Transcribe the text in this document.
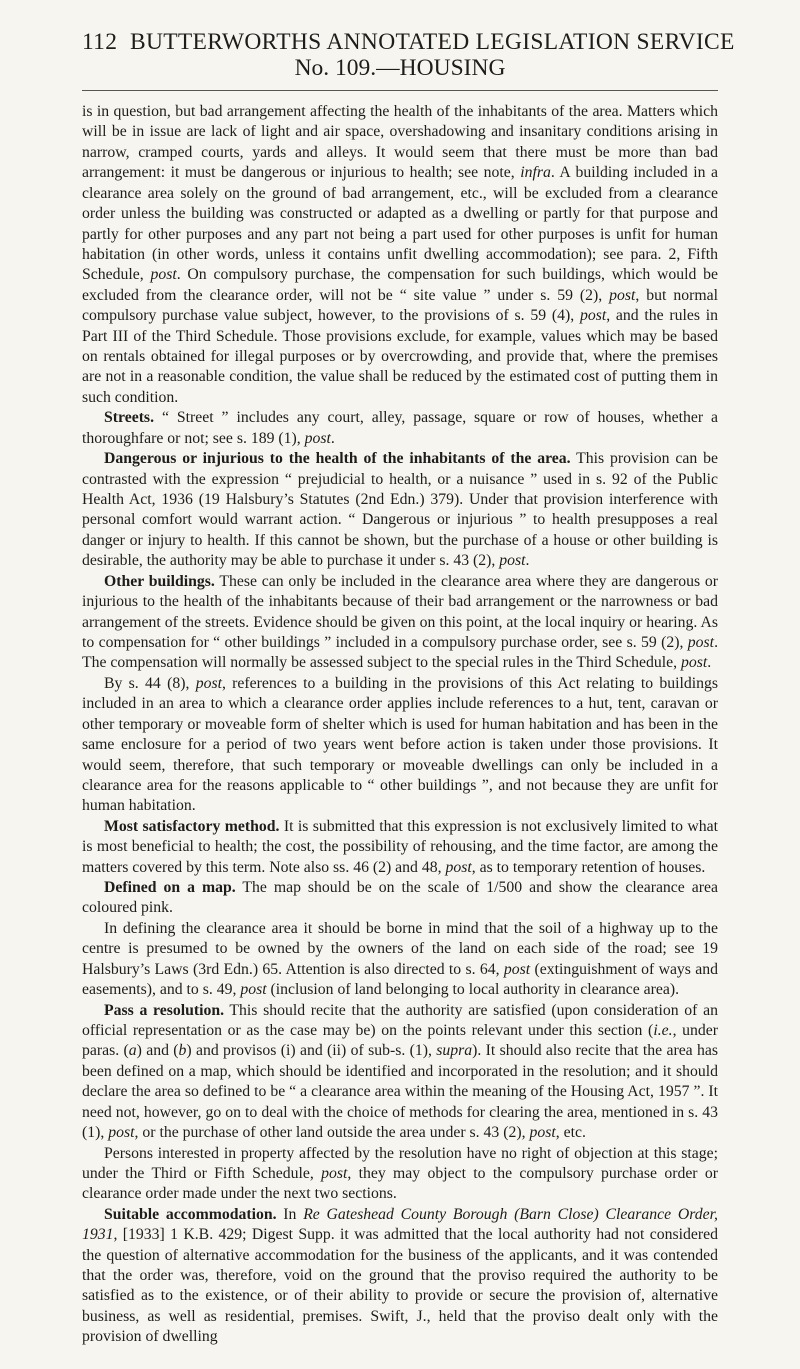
112 BUTTERWORTHS ANNOTATED LEGISLATION SERVICE
No. 109.—HOUSING

is in question, but bad arrangement affecting the health of the inhabitants of the area. Matters which will be in issue are lack of light and air space, overshadowing and insanitary conditions arising in narrow, cramped courts, yards and alleys. It would seem that there must be more than bad arrangement: it must be dangerous or injurious to health; see note, infra. A building included in a clearance area solely on the ground of bad arrangement, etc., will be excluded from a clearance order unless the building was constructed or adapted as a dwelling or partly for that purpose and partly for other purposes and any part not being a part used for other purposes is unfit for human habitation (in other words, unless it contains unfit dwelling accommodation); see para. 2, Fifth Schedule, post. On compulsory purchase, the compensation for such buildings, which would be excluded from the clearance order, will not be “ site value ” under s. 59 (2), post, but normal compulsory purchase value subject, however, to the provisions of s. 59 (4), post, and the rules in Part III of the Third Schedule. Those provisions exclude, for example, values which may be based on rentals obtained for illegal purposes or by overcrowding, and provide that, where the premises are not in a reasonable condition, the value shall be reduced by the estimated cost of putting them in such condition.

Streets. “ Street ” includes any court, alley, passage, square or row of houses, whether a thoroughfare or not; see s. 189 (1), post.

Dangerous or injurious to the health of the inhabitants of the area. This provision can be contrasted with the expression “ prejudicial to health, or a nuisance ” used in s. 92 of the Public Health Act, 1936 (19 Halsbury’s Statutes (2nd Edn.) 379). Under that provision interference with personal comfort would warrant action. “ Dangerous or injurious ” to health presupposes a real danger or injury to health. If this cannot be shown, but the purchase of a house or other building is desirable, the authority may be able to purchase it under s. 43 (2), post.

Other buildings. These can only be included in the clearance area where they are dangerous or injurious to the health of the inhabitants because of their bad arrangement or the narrowness or bad arrangement of the streets. Evidence should be given on this point, at the local inquiry or hearing. As to compensation for “ other buildings ” included in a compulsory purchase order, see s. 59 (2), post. The compensation will normally be assessed subject to the special rules in the Third Schedule, post.

By s. 44 (8), post, references to a building in the provisions of this Act relating to buildings included in an area to which a clearance order applies include references to a hut, tent, caravan or other temporary or moveable form of shelter which is used for human habitation and has been in the same enclosure for a period of two years went before action is taken under those provisions. It would seem, therefore, that such temporary or moveable dwellings can only be included in a clearance area for the reasons applicable to “ other buildings ”, and not because they are unfit for human habitation.

Most satisfactory method. It is submitted that this expression is not exclusively limited to what is most beneficial to health; the cost, the possibility of rehousing, and the time factor, are among the matters covered by this term. Note also ss. 46 (2) and 48, post, as to temporary retention of houses.

Defined on a map. The map should be on the scale of 1/500 and show the clearance area coloured pink.

In defining the clearance area it should be borne in mind that the soil of a highway up to the centre is presumed to be owned by the owners of the land on each side of the road; see 19 Halsbury’s Laws (3rd Edn.) 65. Attention is also directed to s. 64, post (extinguishment of ways and easements), and to s. 49, post (inclusion of land belonging to local authority in clearance area).

Pass a resolution. This should recite that the authority are satisfied (upon consideration of an official representation or as the case may be) on the points relevant under this section (i.e., under paras. (a) and (b) and provisos (i) and (ii) of sub-s. (1), supra). It should also recite that the area has been defined on a map, which should be identified and incorporated in the resolution; and it should declare the area so defined to be “ a clearance area within the meaning of the Housing Act, 1957 ”. It need not, however, go on to deal with the choice of methods for clearing the area, mentioned in s. 43 (1), post, or the purchase of other land outside the area under s. 43 (2), post, etc.

Persons interested in property affected by the resolution have no right of objection at this stage; under the Third or Fifth Schedule, post, they may object to the compulsory purchase order or clearance order made under the next two sections.

Suitable accommodation. In Re Gateshead County Borough (Barn Close) Clearance Order, 1931, [1933] 1 K.B. 429; Digest Supp. it was admitted that the local authority had not considered the question of alternative accommodation for the business of the applicants, and it was contended that the order was, therefore, void on the ground that the proviso required the authority to be satisfied as to the existence, or of their ability to provide or secure the provision of, alternative business, as well as residential, premises. Swift, J., held that the proviso dealt only with the provision of dwelling
